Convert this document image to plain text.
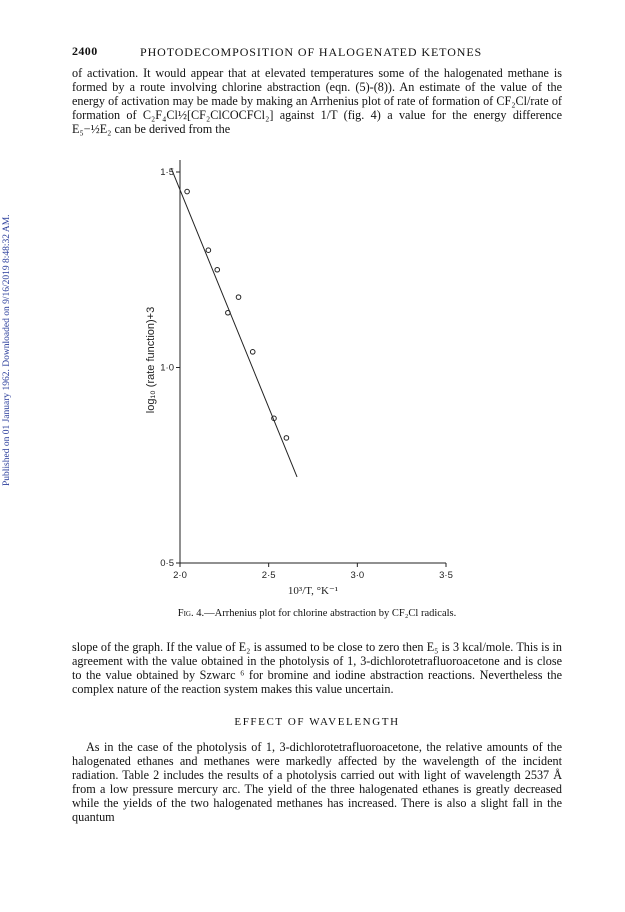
Published on 01 January 1962. Downloaded on 9/16/2019 8:48:32 AM.
2400	PHOTODECOMPOSITION OF HALOGENATED KETONES

of activation. It would appear that at elevated temperatures some of the halogenated methane is formed by a route involving chlorine abstraction (eqn. (5)-(8)). An estimate of the value of the energy of activation may be made by making an Arrhenius plot of rate of formation of CF₂Cl/rate of formation of C₂F₄Cl½[CF₂ClCOCFCl₂] against 1/T (fig. 4) a value for the energy difference E₅−½E₂ can be derived from the

2·0	2·5	3·0	3·5
0·5
1·0
1·5
10³/T, °K⁻¹
log₁₀ (rate function)+3
Fig. 4.—Arrhenius plot for chlorine abstraction by CF₂Cl radicals.

slope of the graph. If the value of E₂ is assumed to be close to zero then E₅ is 3 kcal/mole. This is in agreement with the value obtained in the photolysis of 1, 3-dichlorotetrafluoroacetone and is close to the value obtained by Szwarc ⁶ for bromine and iodine abstraction reactions. Nevertheless the complex nature of the reaction system makes this value uncertain.

EFFECT OF WAVELENGTH

As in the case of the photolysis of 1, 3-dichlorotetrafluoroacetone, the relative amounts of the halogenated ethanes and methanes were markedly affected by the wavelength of the incident radiation. Table 2 includes the results of a photolysis carried out with light of wavelength 2537 Å from a low pressure mercury arc. The yield of the three halogenated ethanes is greatly decreased while the yields of the two halogenated methanes has increased. There is also a slight fall in the quantum
